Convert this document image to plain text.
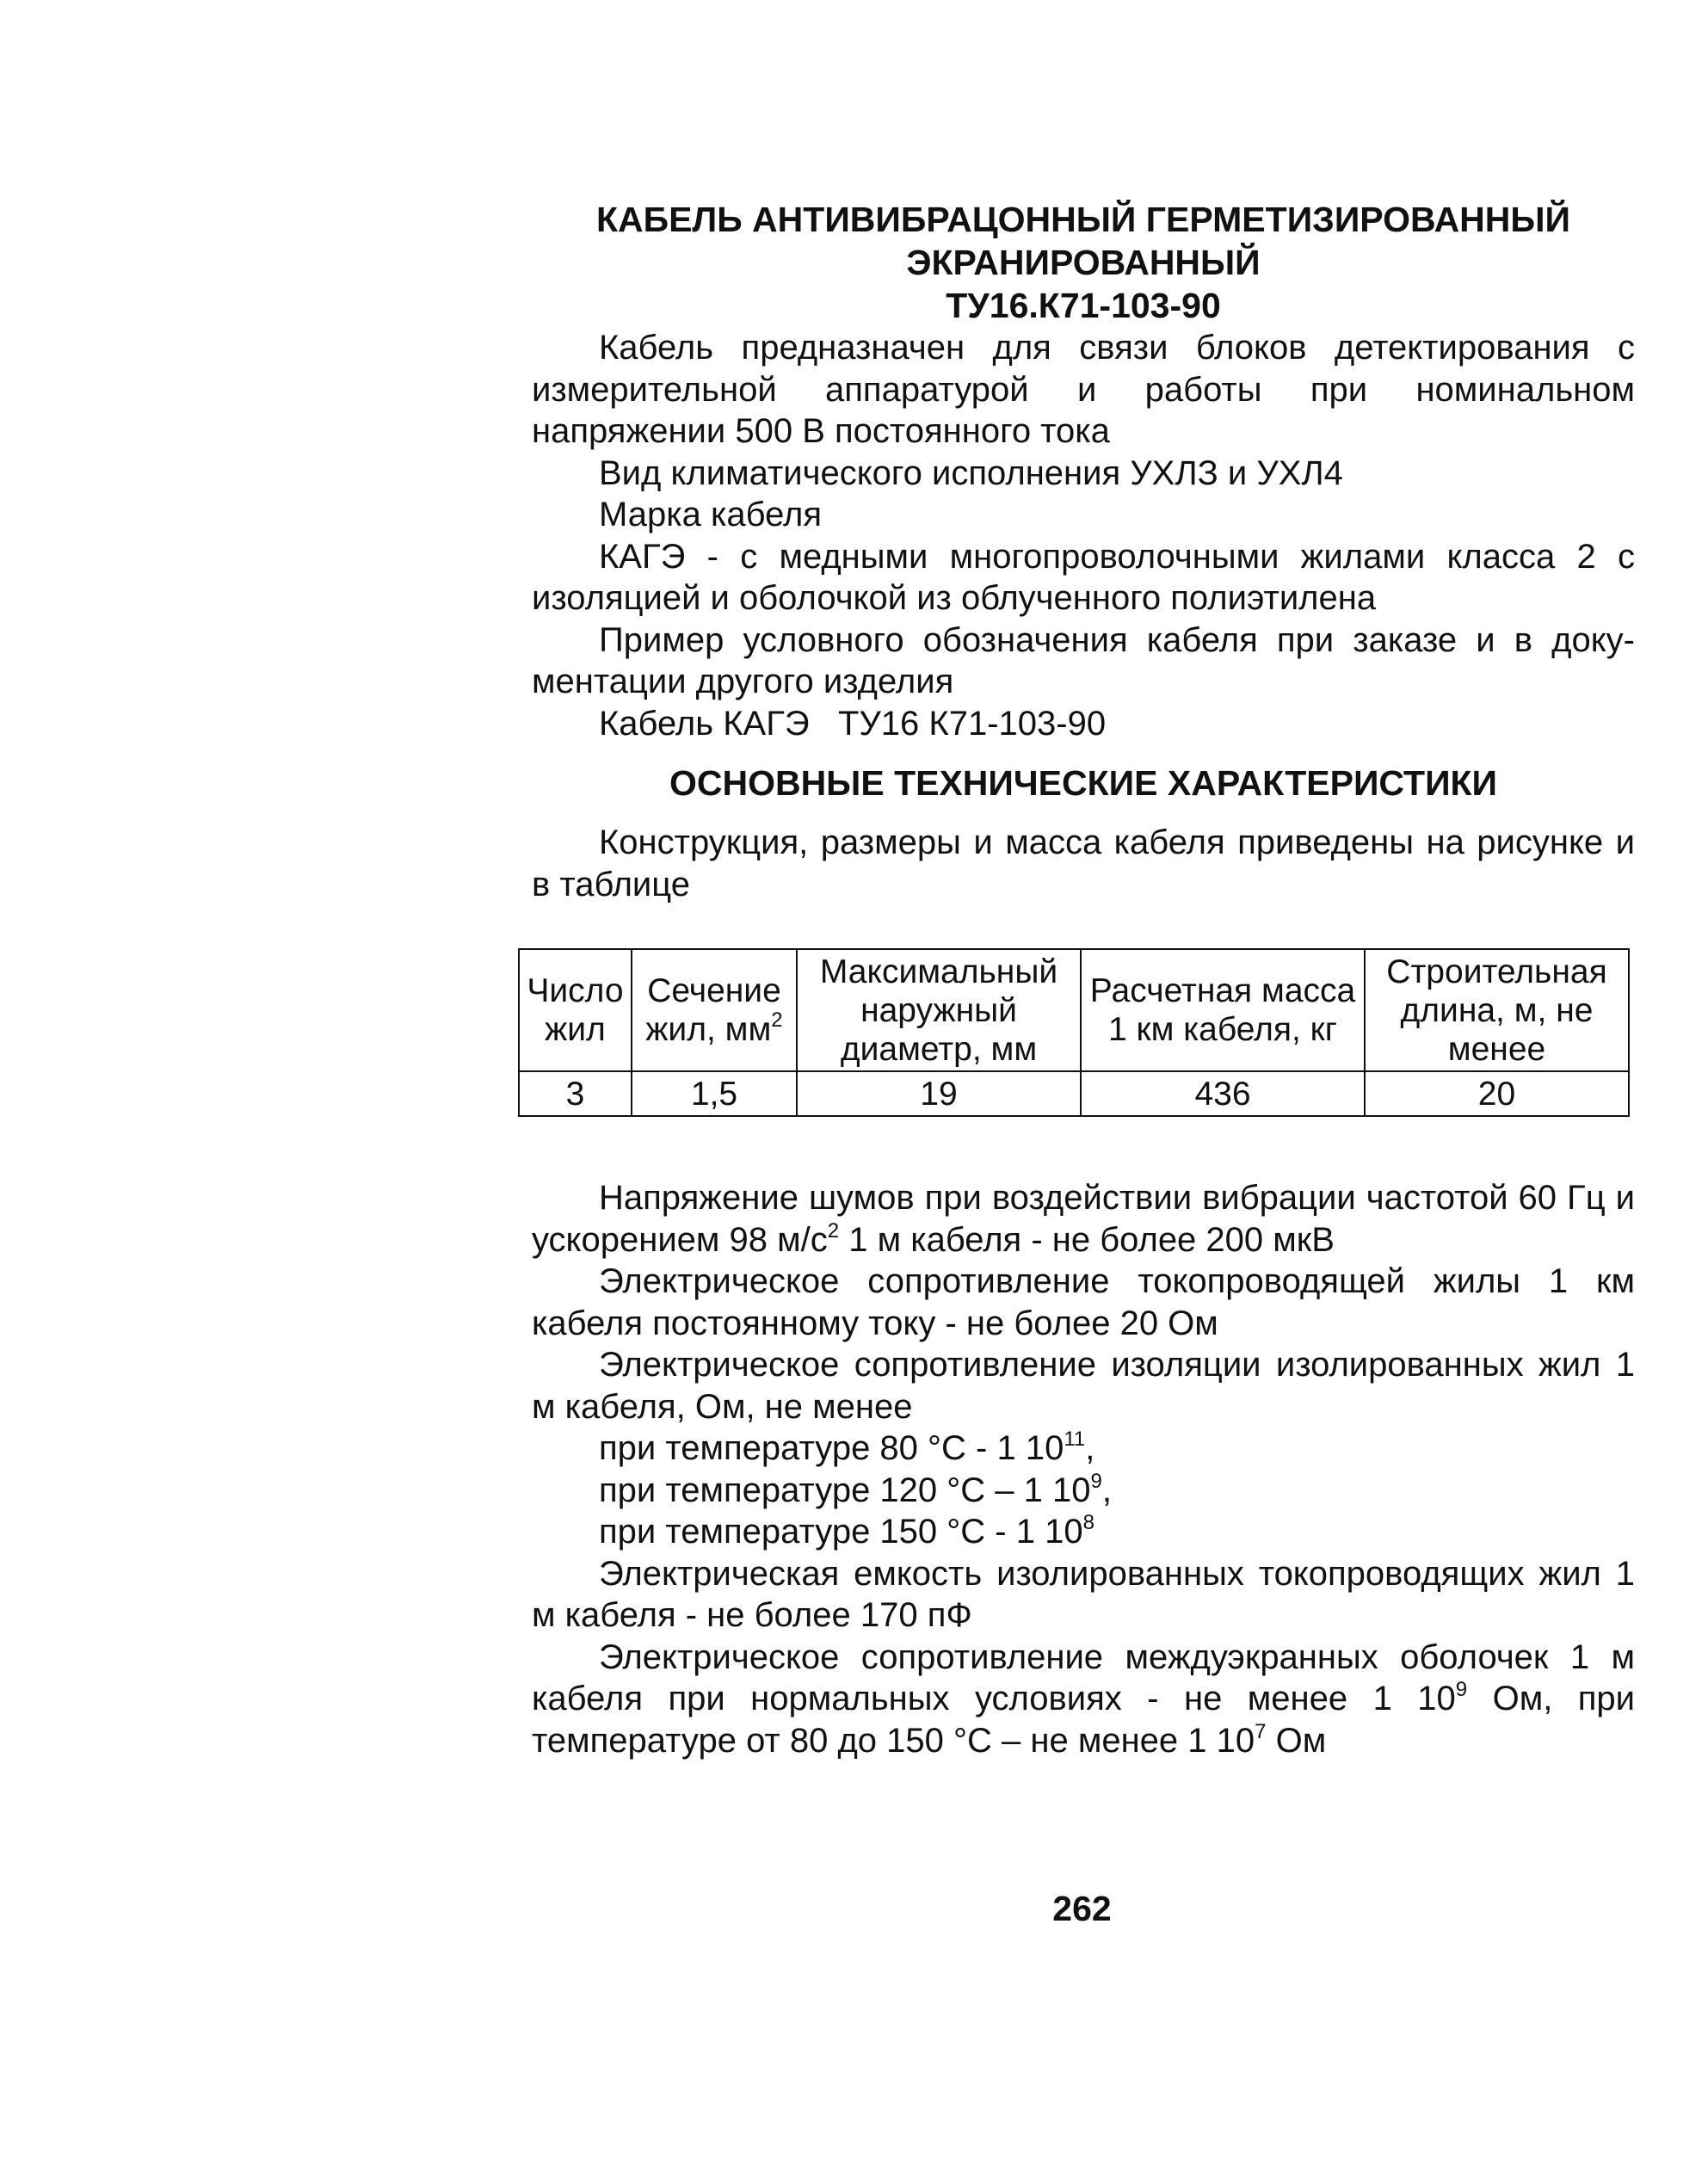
КАБЕЛЬ АНТИВИБРАЦОННЫЙ ГЕРМЕТИЗИРОВАННЫЙ
ЭКРАНИРОВАННЫЙ
ТУ16.К71-103-90

Кабель предназначен для связи блоков детектирования с измерительной аппаратурой и работы при номинальном напряжении 500 В постоянного тока

Вид климатического исполнения УХЛЗ и УХЛ4

Марка кабеля

КАГЭ - с медными многопроволочными жилами класса 2 с изоляцией и оболочкой из облученного полиэтилена

Пример условного обозначения кабеля при заказе и в документации другого изделия

Кабель КАГЭ   ТУ16 К71-103-90

ОСНОВНЫЕ ТЕХНИЧЕСКИЕ ХАРАКТЕРИСТИКИ

Конструкция, размеры и масса кабеля приведены на рисунке и в таблице

Число жил	Сечение жил, $мм^2$	Максимальный наружный диаметр, мм	Расчетная масса 1 км кабеля, кг	Строительная длина, м, не менее
3	1,5	19	436	20

Напряжение шумов при воздействии вибрации частотой 60 Гц и ускорением 98 $м/с^2$ 1 м кабеля - не более 200 мкВ

Электрическое сопротивление токопроводящей жилы 1 км кабеля постоянному току - не более 20 Ом

Электрическое сопротивление изоляции изолированных жил 1 м кабеля, Ом, не менее

при температуре 80 °С - 1 $10^{11}$,

при температуре 120 °С – 1 $10^9$,

при температуре 150 °С - 1 $10^8$

Электрическая емкость изолированных токопроводящих жил 1 м кабеля - не более 170 пФ

Электрическое сопротивление междуэкранных оболочек 1 м кабеля при нормальных условиях - не менее 1 $10^9$ Ом, при температуре от 80 до 150 °С – не менее 1 $10^7$ Ом

262
